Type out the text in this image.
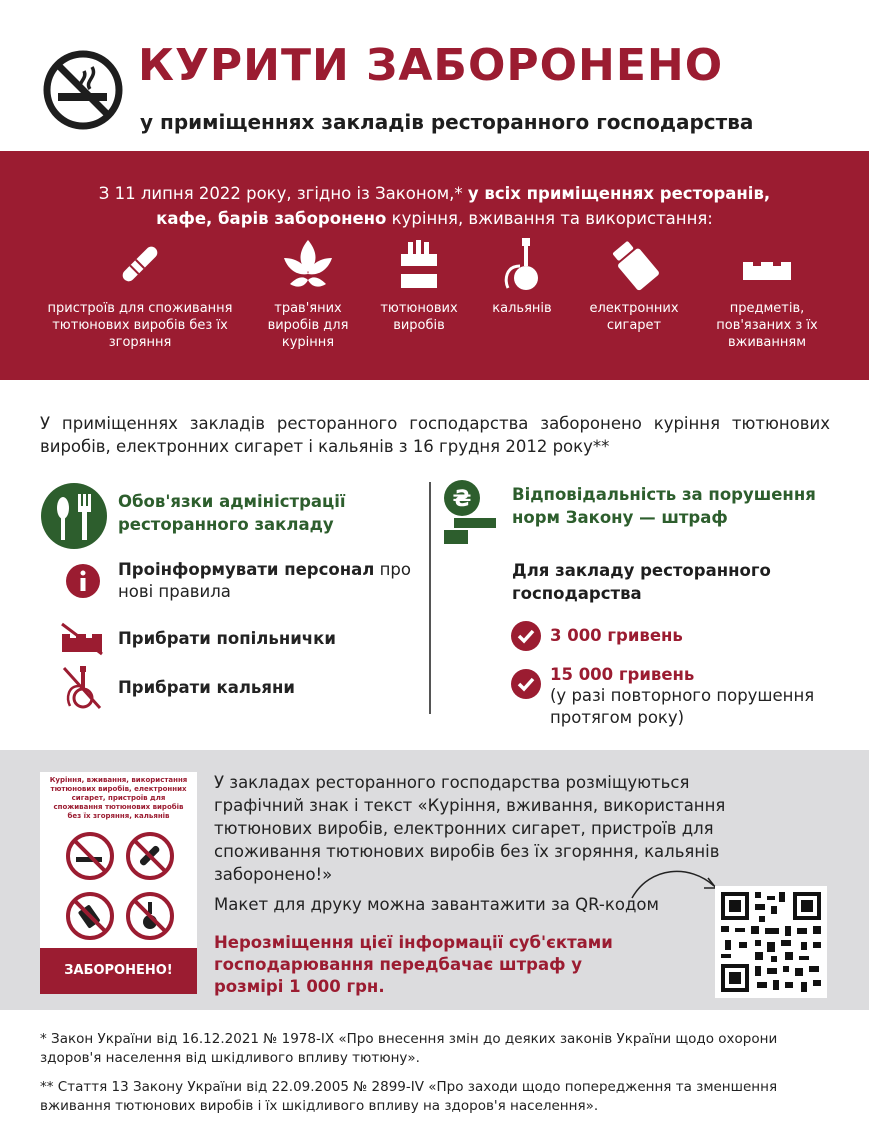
КУРИТИ ЗАБОРОНЕНО
у приміщеннях закладів ресторанного господарства
З 11 липня 2022 року, згідно із Законом,* у всіх приміщеннях ресторанів,
кафе, барів заборонено куріння, вживання та використання:
пристроїв для споживання тютюнових виробів без їх згоряння
трав'яних виробів для куріння
тютюнових виробів
кальянів	електронних сигарет
предметів, пов'язаних з їх вживанням
У приміщеннях закладів ресторанного господарства заборонено куріння тютюнових виробів, електронних сигарет і кальянів з 16 грудня 2012 року**
Обов'язки адміністрації ресторанного закладу
Проінформувати персонал про нові правила
Прибрати попільнички
Прибрати кальяни
₴ Відповідальність за порушення норм Закону — штраф
Для закладу ресторанного господарства
3 000 гривень
15 000 гривень
(у разі повторного порушення протягом року)
Куріння, вживання, використання тютюнових виробів, електронних сигарет, пристроїв для споживання тютюнових виробів без їх згоряння, кальянів
ЗАБОРОНЕНО!
У закладах ресторанного господарства розміщуються графічний знак і текст «Куріння, вживання, використання тютюнових виробів, електронних сигарет, пристроїв для споживання тютюнових виробів без їх згоряння, кальянів заборонено!»
Макет для друку можна завантажити за QR-кодом
Нерозміщення цієї інформації суб'єктами господарювання передбачає штраф у розмірі 1 000 грн.
* Закон України від 16.12.2021 № 1978-IX «Про внесення змін до деяких законів України щодо охорони здоров'я населення від шкідливого впливу тютюну».
** Стаття 13 Закону України від 22.09.2005 № 2899-IV «Про заходи щодо попередження та зменшення вживання тютюнових виробів і їх шкідливого впливу на здоров'я населення».
